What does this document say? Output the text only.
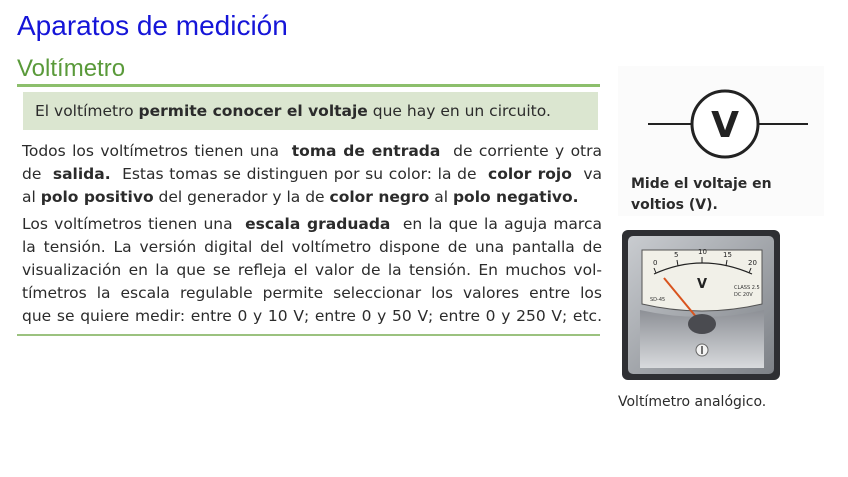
Aparatos de medición
Voltímetro
El voltímetro
permite conocer el voltaje
que hay en un circuito.
Todos los voltímetros tienen una  toma de entrada  de corriente y otra
de  salida.  Estas tomas se distinguen por su color: la de  color rojo  va
al polo positivo del generador y la de color negro al polo negativo.
Los voltímetros tienen una  escala graduada  en la que la aguja marca
la tensión. La versión digital del voltímetro dispone de una pantalla de
visualización en la que se refleja el valor de la tensión. En muchos vol-
tímetros la escala regulable permite seleccionar los valores entre los
que se quiere medir: entre 0 y 10 V; entre 0 y 50 V; entre 0 y 250 V; etc.
V

Mide el voltaje en
voltios (V).

0
5	10 15
20
V	CLASS 2.5
DC 20V
SD-45

Voltímetro analógico.
